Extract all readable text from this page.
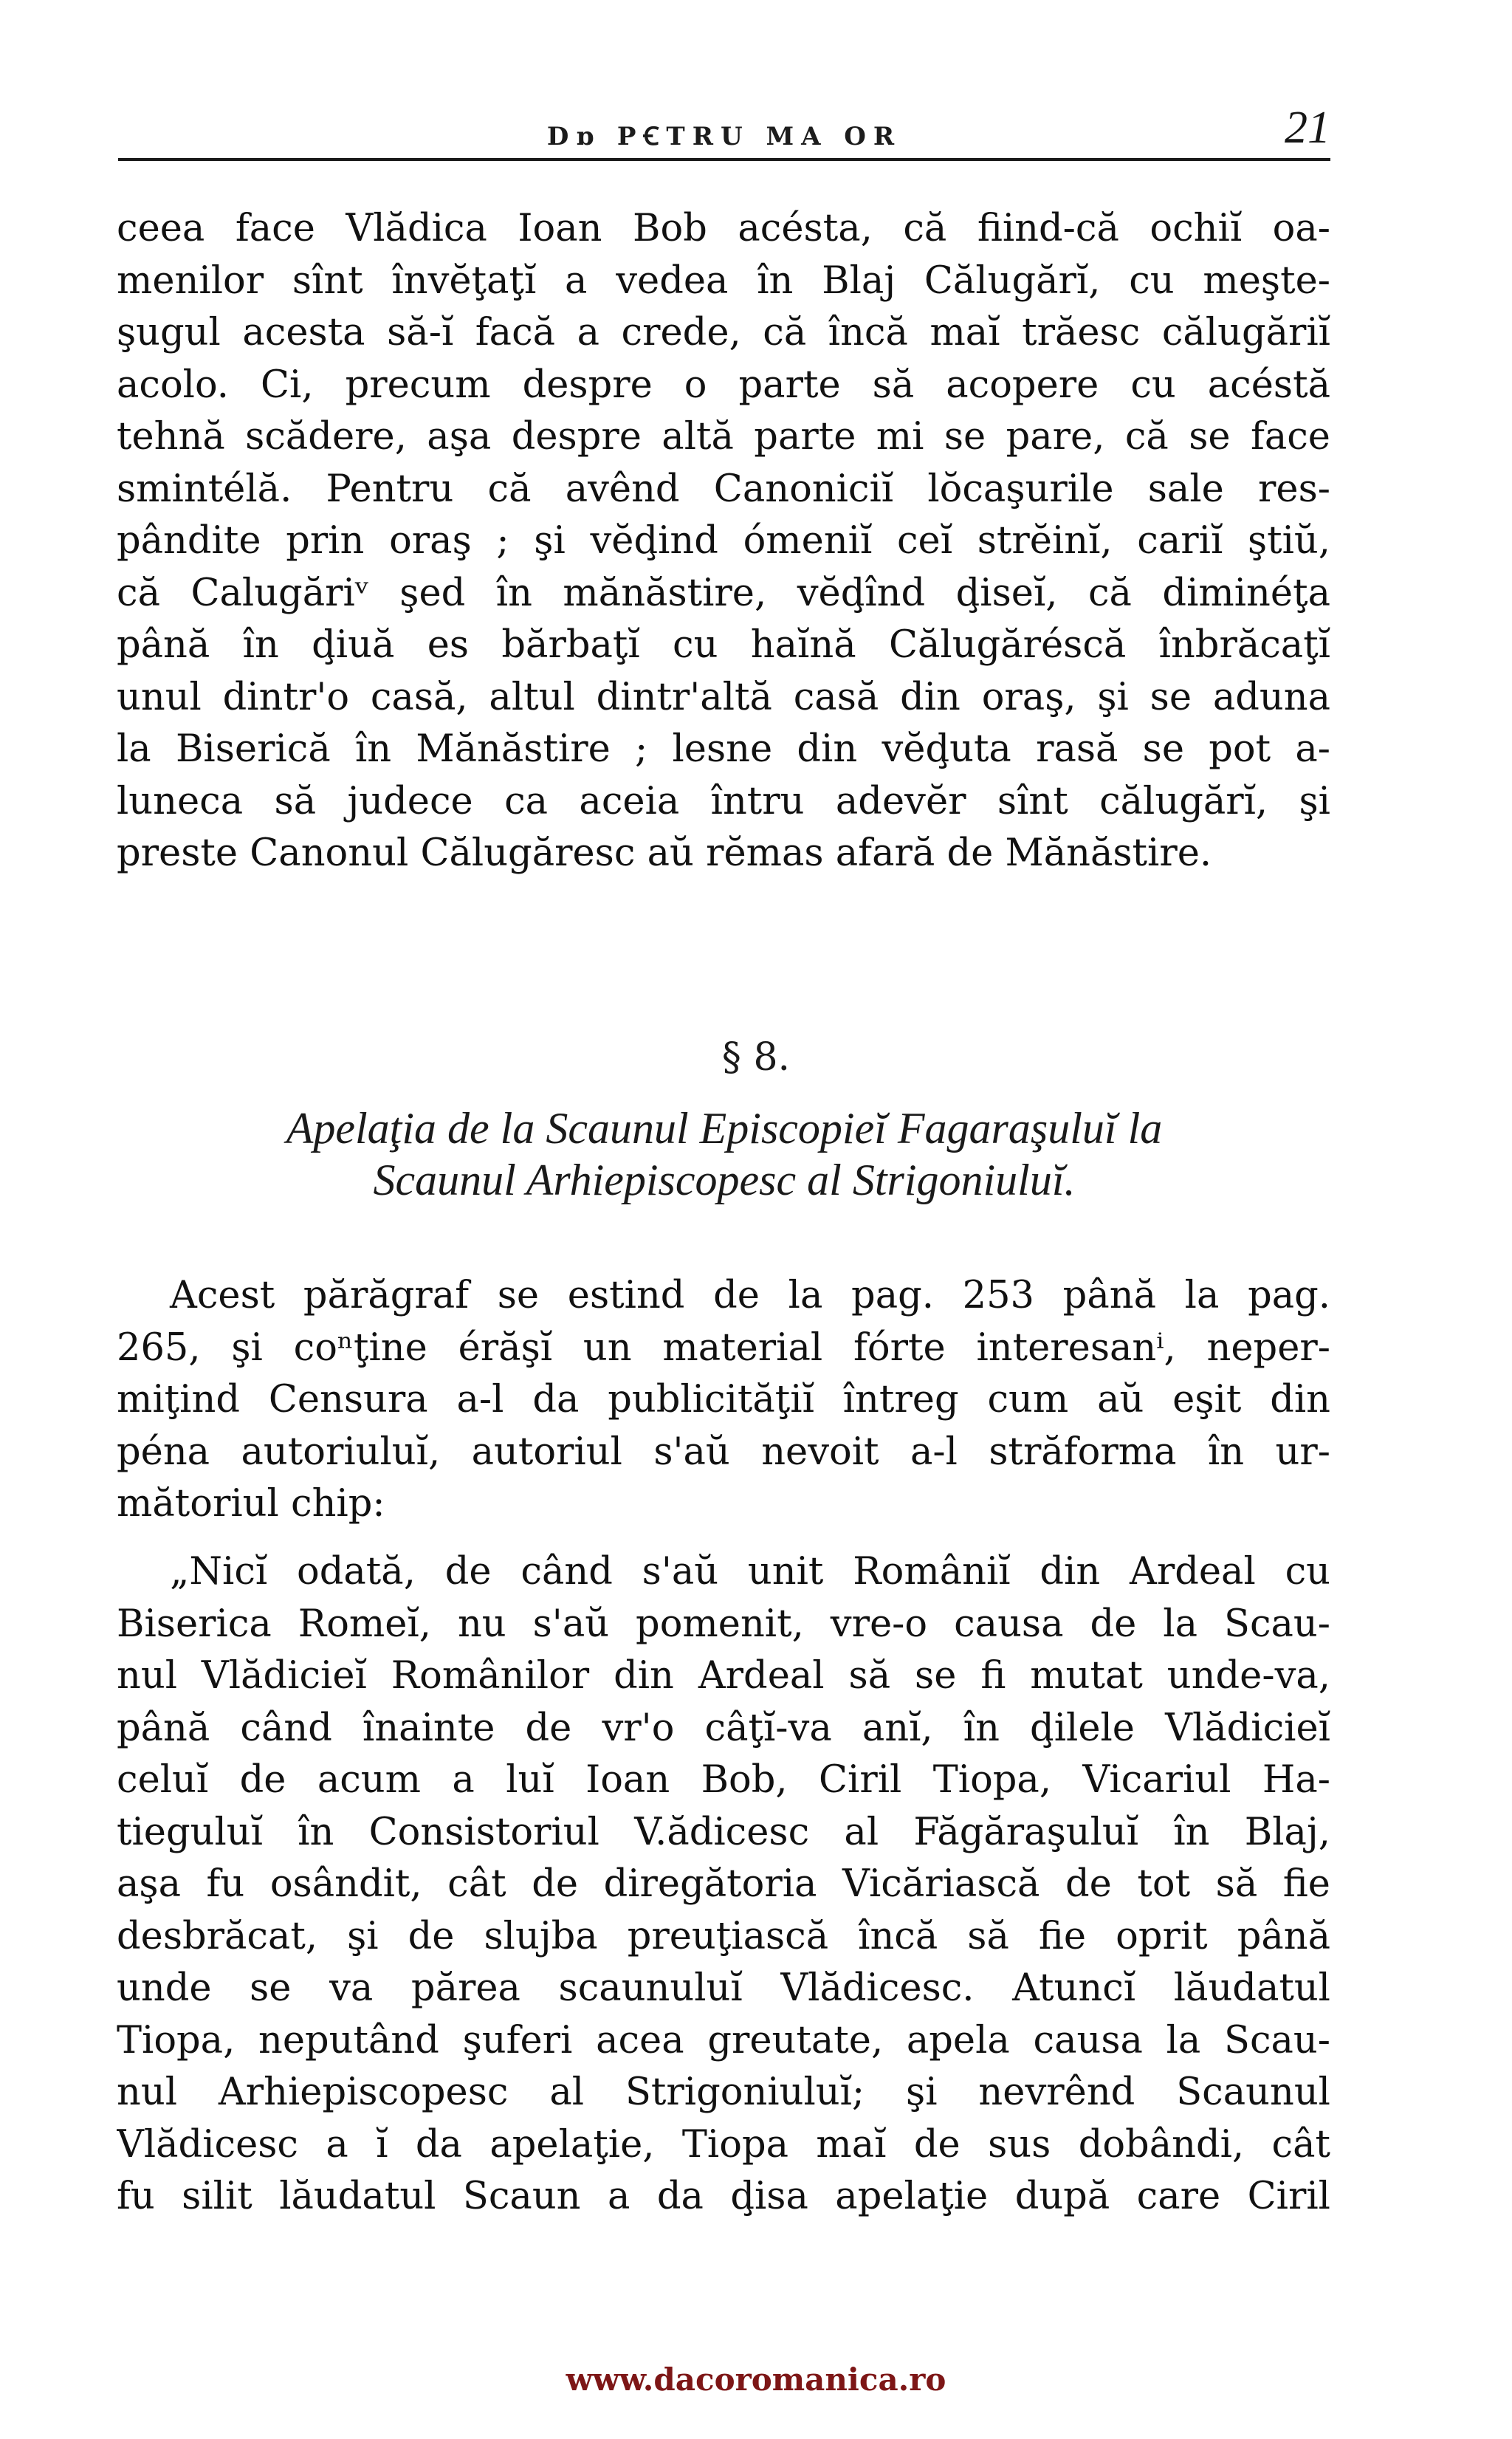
Dɒ PꞒTRU MA OR	21
ceea face Vlădica Ioan Bob acésta, că fiind-că ochiĭ oa-
menilor sînt învĕţaţĭ a vedea în Blaj Călugărĭ, cu meşte-
şugul acesta să-ĭ facă a crede, că încă maĭ trăesc călugăriĭ
acolo. Ci, precum despre o parte să acopere cu acéstă
tehnă scădere, aşa despre altă parte mi se pare, că se face
smintélă. Pentru că avênd Canoniciĭ lŏcaşurile sale res-
pândite prin oraş ; şi vĕḑind ómeniĭ ceĭ strĕinĭ, cariĭ ştiŭ,
că Calugăriᵛ şed în mănăstire, vĕḑînd ḑiseĭ, că diminéţa
până în ḑiuă es bărbaţĭ cu haĭnă Călugărésсă înbrăcaţĭ
unul dintr'o casă, altul dintr'altă casă din oraş, şi se aduna
la Biserică în Mănăstire ; lesne din vĕḑuta rasă se pot a-
luneca să judece ca aceia întru adevĕr sînt călugărĭ, şi
preste Canonul Călugăresc aŭ rĕmas afară de Mănăstire.
§ 8.
Apelaţia de la Scaunul Episcopieĭ Fagaraşuluĭ la
Scaunul Arhiepiscopesc al Strigoniuluĭ.
Acest părăgraf se estind de la pag. 253 până la pag.
265, şi coⁿţine érăşĭ un material fórte interesanⁱ, neper-
miţind Censura a-l da publicităţiĭ întreg cum aŭ eşit din
péna autoriuluĭ, autoriul s'aŭ nevoit a-l străforma în ur-
mătoriul chip:
„Nicĭ odată, de când s'aŭ unit Româniĭ din Ardeal cu
Biserica Romeĭ, nu s'aŭ pomenit, vre-o causa de la Scau-
nul Vlădicieĭ Românilor din Ardeal să se fi mutat unde-va,
până când înainte de vr'o câţĭ-va anĭ, în ḑilele Vlădicieĭ
celuĭ de acum a luĭ Ioan Bob, Ciril Tiopa, Vicariul Ha-
tieguluĭ în Consistoriul V.ădicesc al Făgăraşuluĭ în Blaj,
aşa fu osândit, cât de diregătoria Vicăriască de tot să fie
desbrăcat, şi de slujba preuţiască încă să fie oprit până
unde se va părea scaunuluĭ Vlădicesc. Atuncĭ lăudatul
Tiopa, neputând şuferi acea greutate, apela causa la Scau-
nul Arhiepiscopesc al Strigoniuluĭ; şi nevrênd Scaunul
Vlădicesc a ĭ da apelaţie, Tiopa maĭ de sus dobândi, cât
fu silit lăudatul Scaun a da ḑisa apelaţie după care Ciril
www.dacoromanica.ro
